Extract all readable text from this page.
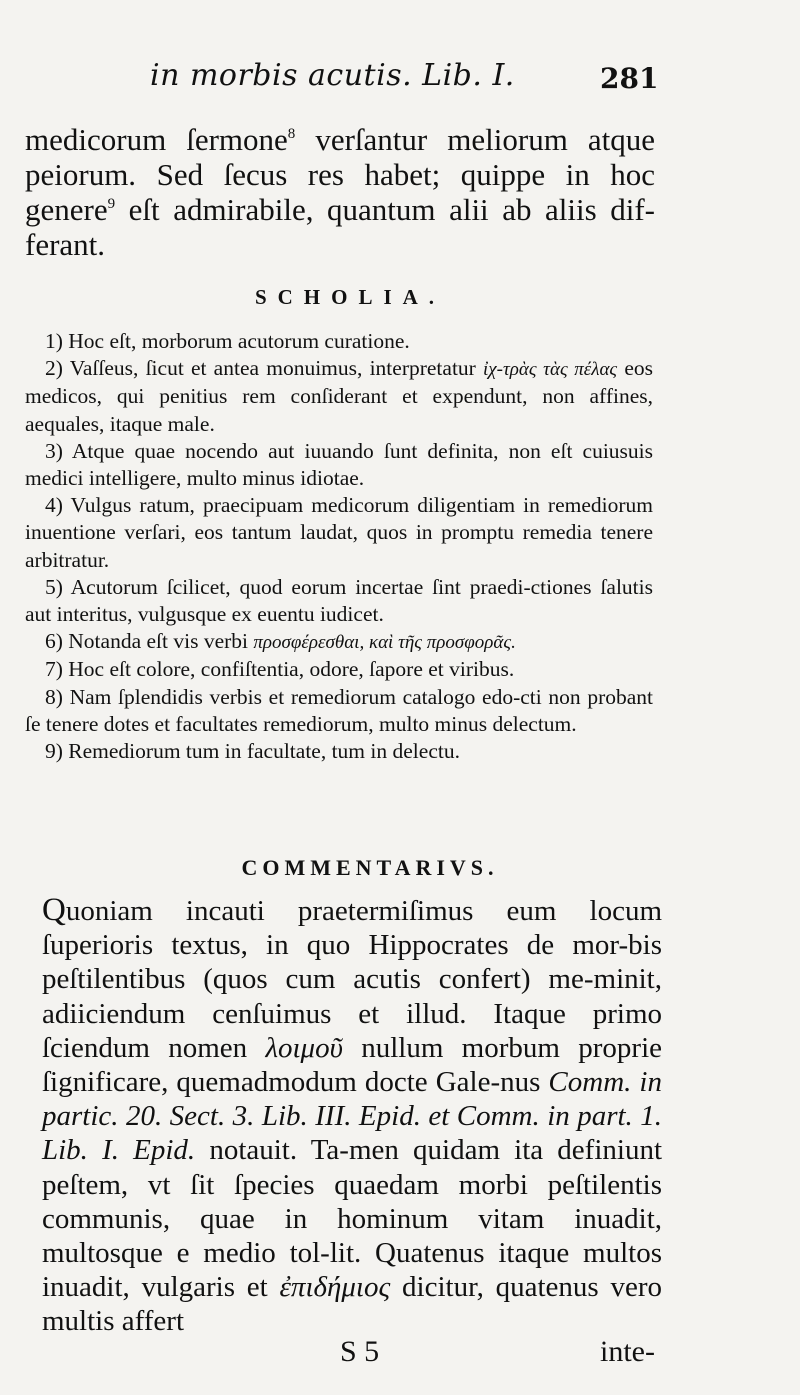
in morbis acutis. Lib. I.	281

medicorum ſermone$^8$ verſantur meliorum atque peiorum. Sed ſecus res habet; quippe in hoc genere$^9$ eſt admirabile, quantum alii ab aliis dif-ferant.

SCHOLIA.
1) Hoc eſt, morborum acutorum curatione.
2) Vaſſeus, ſicut et antea monuimus, interpretatur ἰχ-τρὰς τὰς πέλας eos medicos, qui penitius rem conſiderant et expendunt, non affines, aequales, itaque male.
3) Atque quae nocendo aut iuuando ſunt definita, non eſt cuiusuis medici intelligere, multo minus idiotae.
4) Vulgus ratum, praecipuam medicorum diligentiam in remediorum inuentione verſari, eos tantum laudat, quos in promptu remedia tenere arbitratur.
5) Acutorum ſcilicet, quod eorum incertae ſint praedi-ctiones ſalutis aut interitus, vulgusque ex euentu iudicet.
6) Notanda eſt vis verbi προσφέρεσθαι, καὶ τῆς προσφορᾶς.
7) Hoc eſt colore, confiſtentia, odore, ſapore et viribus.
8) Nam ſplendidis verbis et remediorum catalogo edo-cti non probant ſe tenere dotes et facultates remediorum, multo minus delectum.
9) Remediorum tum in facultate, tum in delectu.
COMMENTARIVS.

Quoniam incauti praetermiſimus eum locum ſuperioris textus, in quo Hippocrates de mor-bis peſtilentibus (quos cum acutis confert) me-minit, adiiciendum cenſuimus et illud. Itaque primo ſciendum nomen λοιμοῦ nullum morbum proprie ſignificare, quemadmodum docte Gale-nus Comm. in partic. 20. Sect. 3. Lib. III. Epid. et Comm. in part. 1. Lib. I. Epid. notauit. Ta-men quidam ita definiunt peſtem, vt ſit ſpecies quaedam morbi peſtilentis communis, quae in hominum vitam inuadit, multosque e medio tol-lit. Quatenus itaque multos inuadit, vulgaris et ἐπιδήμιος dicitur, quatenus vero multis affert

S 5	inte-
